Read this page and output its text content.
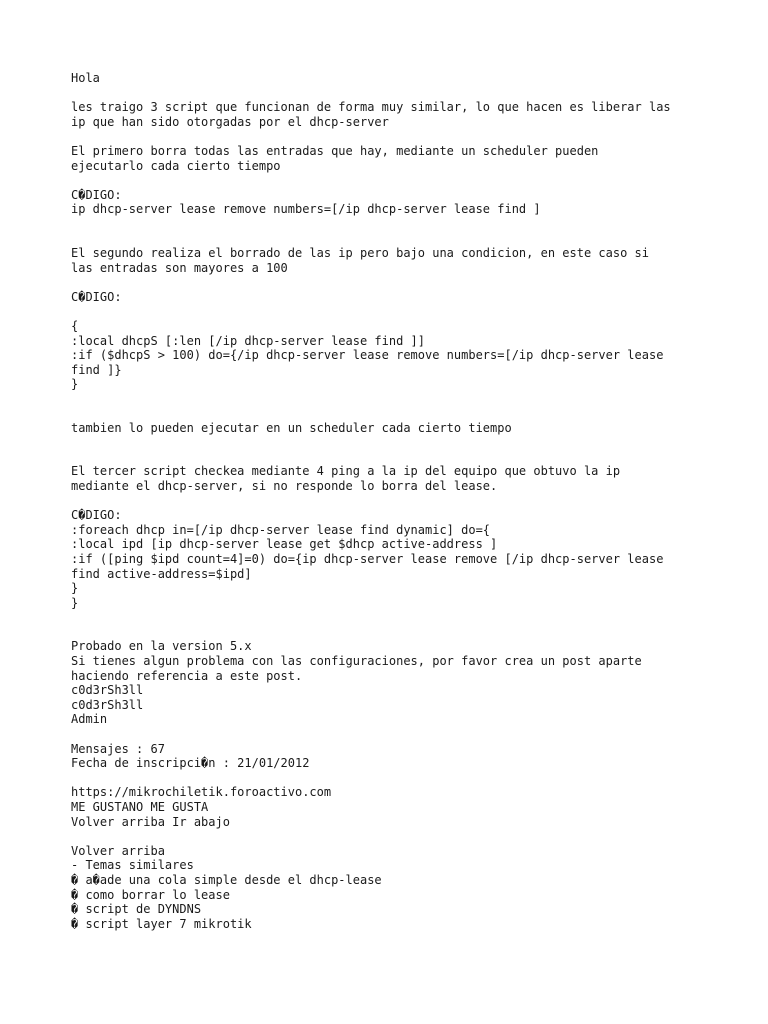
Hola
les traigo 3 script que funcionan de forma muy similar, lo que hacen es liberar las
ip que han sido otorgadas por el dhcp-server
El primero borra todas las entradas que hay, mediante un scheduler pueden
ejecutarlo cada cierto tiempo
C�DIGO:
ip dhcp-server lease remove numbers=[/ip dhcp-server lease find ]
El segundo realiza el borrado de las ip pero bajo una condicion, en este caso si
las entradas son mayores a 100
C�DIGO:
{
:local dhcpS [:len [/ip dhcp-server lease find ]]
:if ($dhcpS > 100) do={/ip dhcp-server lease remove numbers=[/ip dhcp-server lease
find ]}
}
tambien lo pueden ejecutar en un scheduler cada cierto tiempo
El tercer script checkea mediante 4 ping a la ip del equipo que obtuvo la ip
mediante el dhcp-server, si no responde lo borra del lease.
C�DIGO:
:foreach dhcp in=[/ip dhcp-server lease find dynamic] do={
:local ipd [ip dhcp-server lease get $dhcp active-address ]
:if ([ping $ipd count=4]=0) do={ip dhcp-server lease remove [/ip dhcp-server lease
find active-address=$ipd]
}
}
Probado en la version 5.x
Si tienes algun problema con las configuraciones, por favor crea un post aparte
haciendo referencia a este post.
c0d3rSh3ll
c0d3rSh3ll
Admin
Mensajes : 67
Fecha de inscripci�n : 21/01/2012
https://mikrochiletik.foroactivo.com
ME GUSTANO ME GUSTA
Volver arriba Ir abajo
Volver arriba
- Temas similares
� a�ade una cola simple desde el dhcp-lease
� como borrar lo lease
� script de DYNDNS
� script layer 7 mikrotik
